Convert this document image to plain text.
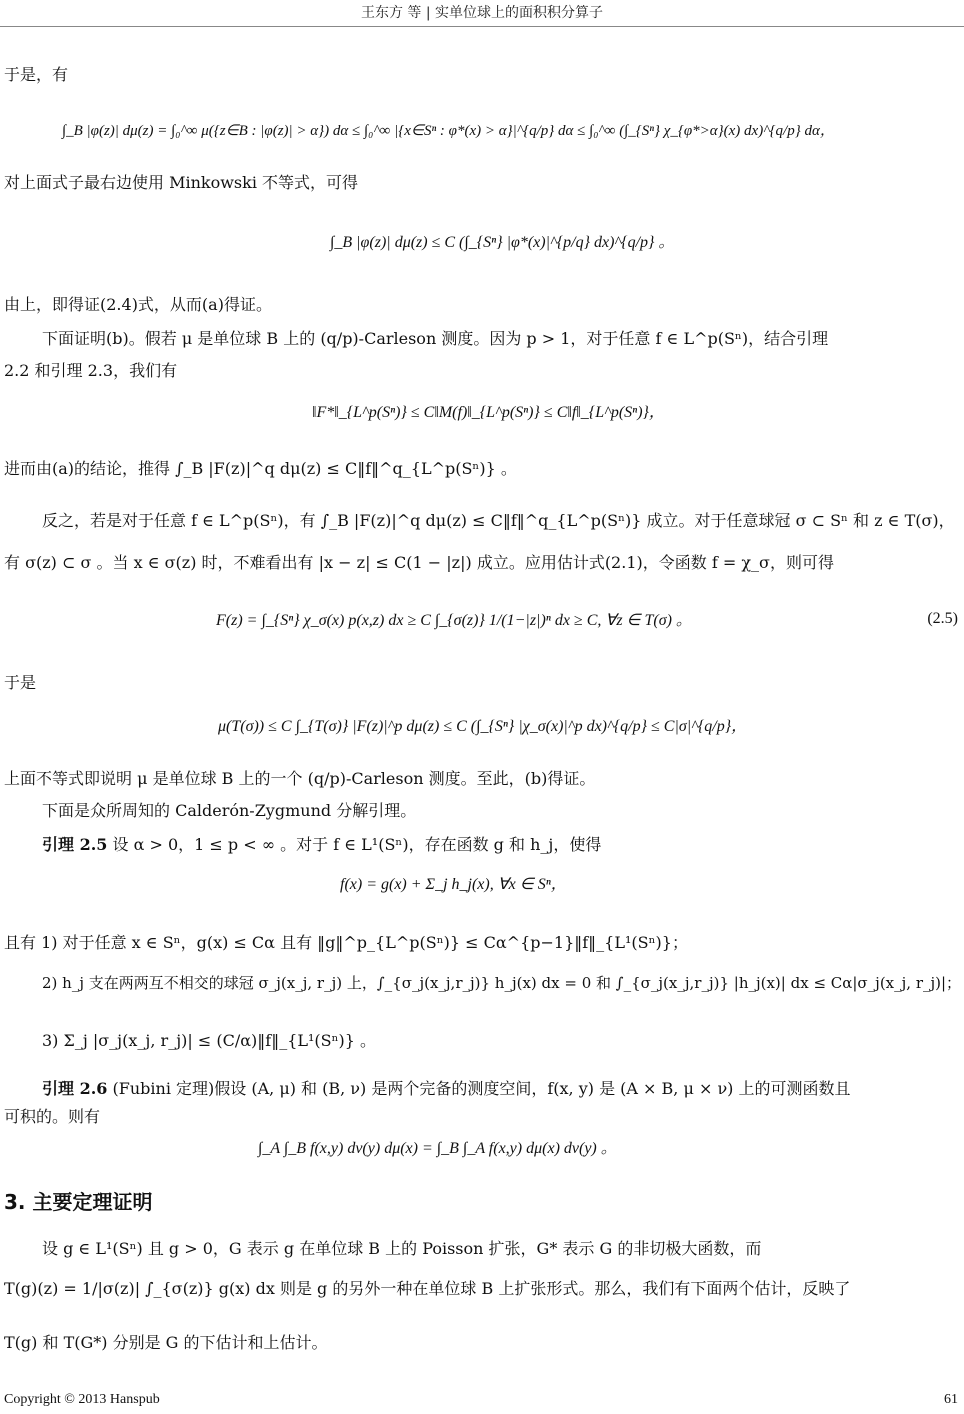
王东方 等 | 实单位球上的面积积分算子
于是，有
∫_B |φ(z)| dμ(z) = ∫₀^∞ μ({z∈B : |φ(z)| > α}) dα ≤ ∫₀^∞ |{x∈Sⁿ : φ*(x) > α}|^{q/p} dα ≤ ∫₀^∞ (∫_{Sⁿ} χ_{φ*>α}(x) dx)^{q/p} dα，
对上面式子最右边使用 Minkowski 不等式，可得
∫_B |φ(z)| dμ(z) ≤ C (∫_{Sⁿ} |φ*(x)|^{p/q} dx)^{q/p} 。
由上，即得证(2.4)式，从而(a)得证。
下面证明(b)。假若 μ 是单位球 B 上的 (q/p)-Carleson 测度。因为 p > 1，对于任意 f ∈ L^p(Sⁿ)，结合引理
2.2 和引理 2.3，我们有
‖F*‖_{L^p(Sⁿ)} ≤ C‖M(f)‖_{L^p(Sⁿ)} ≤ C‖f‖_{L^p(Sⁿ)}，
进而由(a)的结论，推得 ∫_B |F(z)|^q dμ(z) ≤ C‖f‖^q_{L^p(Sⁿ)} 。
反之，若是对于任意 f ∈ L^p(Sⁿ)，有 ∫_B |F(z)|^q dμ(z) ≤ C‖f‖^q_{L^p(Sⁿ)} 成立。对于任意球冠 σ ⊂ Sⁿ 和 z ∈ T(σ)，
有 σ(z) ⊂ σ 。当 x ∈ σ(z) 时，不难看出有 |x − z| ≤ C(1 − |z|) 成立。应用估计式(2.1)，令函数 f = χ_σ，则可得
F(z) = ∫_{Sⁿ} χ_σ(x) p(x,z) dx ≥ C ∫_{σ(z)} 1/(1−|z|)ⁿ dx ≥ C, ∀z ∈ T(σ) 。	(2.5)
于是
μ(T(σ)) ≤ C ∫_{T(σ)} |F(z)|^p dμ(z) ≤ C (∫_{Sⁿ} |χ_σ(x)|^p dx)^{q/p} ≤ C|σ|^{q/p}，
上面不等式即说明 μ 是单位球 B 上的一个 (q/p)-Carleson 测度。至此，(b)得证。
下面是众所周知的 Calderón-Zygmund 分解引理。
引理 2.5 设 α > 0，1 ≤ p < ∞ 。对于 f ∈ L¹(Sⁿ)，存在函数 g 和 h_j，使得
f(x) = g(x) + Σ_j h_j(x), ∀x ∈ Sⁿ，
且有 1) 对于任意 x ∈ Sⁿ，g(x) ≤ Cα 且有 ‖g‖^p_{L^p(Sⁿ)} ≤ Cα^{p−1}‖f‖_{L¹(Sⁿ)}；
2) h_j 支在两两互不相交的球冠 σ_j(x_j, r_j) 上，∫_{σ_j(x_j,r_j)} h_j(x) dx = 0 和 ∫_{σ_j(x_j,r_j)} |h_j(x)| dx ≤ Cα|σ_j(x_j, r_j)|；
3) Σ_j |σ_j(x_j, r_j)| ≤ (C/α)‖f‖_{L¹(Sⁿ)} 。
引理 2.6 (Fubini 定理)假设 (A, μ) 和 (B, ν) 是两个完备的测度空间，f(x, y) 是 (A × B, μ × ν) 上的可测函数且
可积的。则有
∫_A ∫_B f(x,y) dν(y) dμ(x) = ∫_B ∫_A f(x,y) dμ(x) dν(y) 。
3. 主要定理证明
设 g ∈ L¹(Sⁿ) 且 g > 0，G 表示 g 在单位球 B 上的 Poisson 扩张，G* 表示 G 的非切极大函数，而
T(g)(z) = 1/|σ(z)| ∫_{σ(z)} g(x) dx 则是 g 的另外一种在单位球 B 上扩张形式。那么，我们有下面两个估计，反映了
T(g) 和 T(G*) 分别是 G 的下估计和上估计。
Copyright © 2013 Hanspub	61
